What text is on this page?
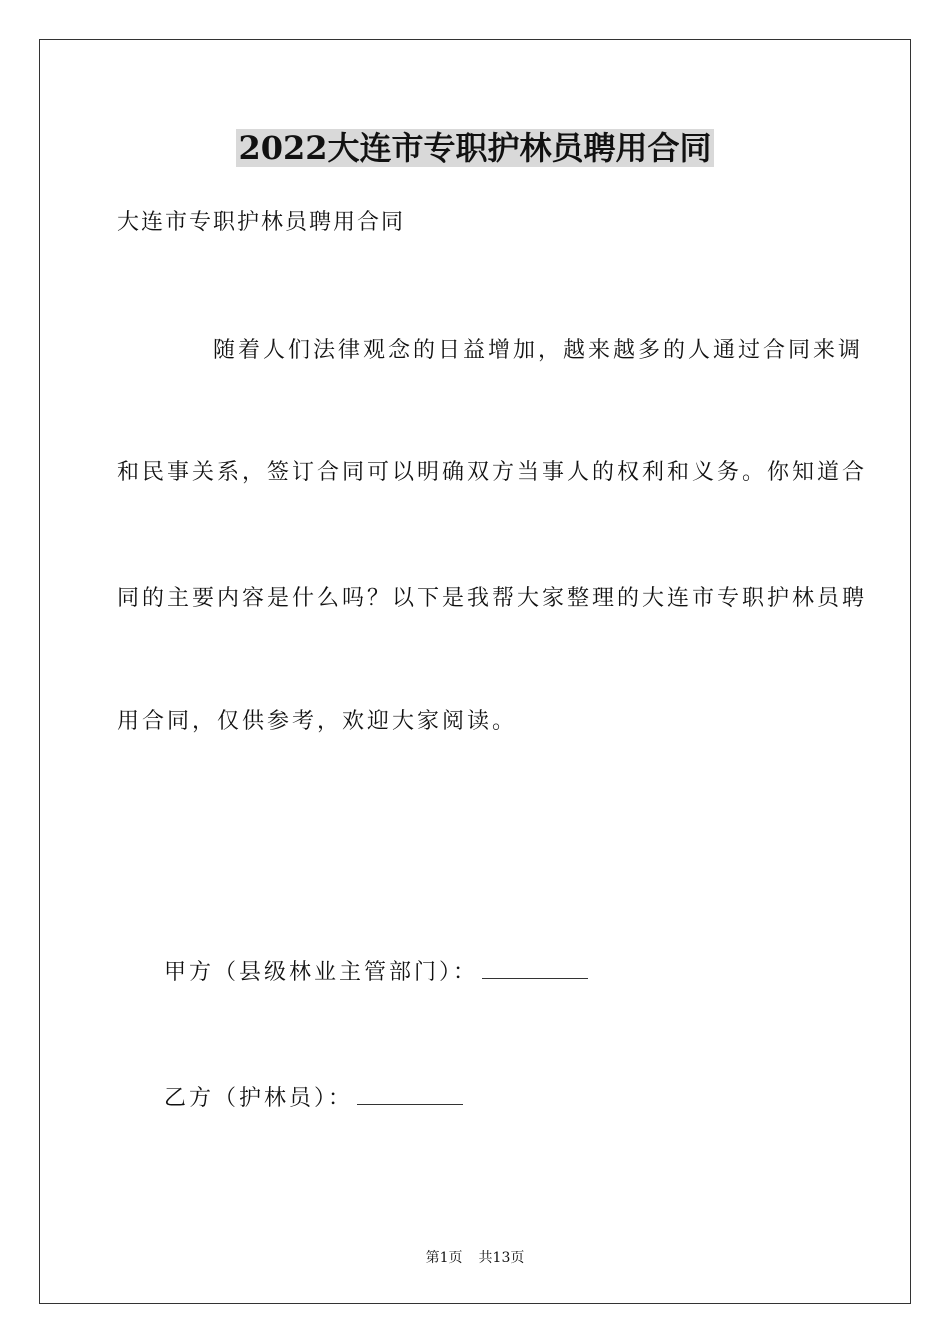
2022大连市专职护林员聘用合同
大连市专职护林员聘用合同
随着人们法律观念的日益增加，越来越多的人通过合同来调
和民事关系，签订合同可以明确双方当事人的权利和义务。你知道合
同的主要内容是什么吗？以下是我帮大家整理的大连市专职护林员聘
用合同，仅供参考，欢迎大家阅读。
甲方（县级林业主管部门）：
乙方（护林员）：
第1页 共13页
